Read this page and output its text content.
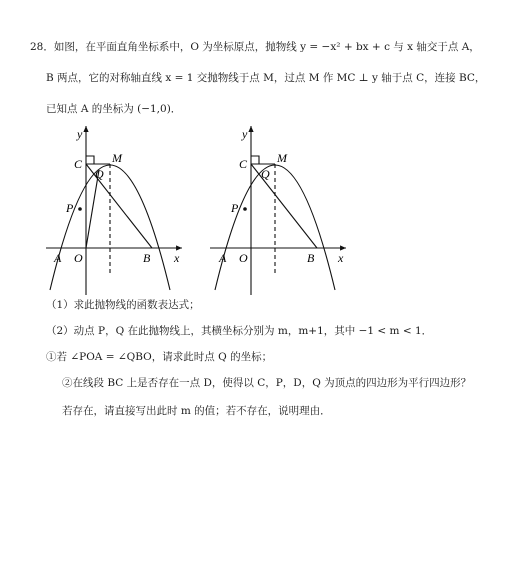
28．如图，在平面直角坐标系中，O 为坐标原点，抛物线 y = −x² + bx + c 与 x 轴交于点 A，
B 两点，它的对称轴直线 x = 1 交抛物线于点 M，过点 M 作 MC ⊥ y 轴于点 C，连接 BC，
已知点 A 的坐标为 (−1,0)．
y
x
C M
Q
P
A O	B
y
x
C M
Q
P
A O	B
（1）求此抛物线的函数表达式；
（2）动点 P，Q 在此抛物线上，其横坐标分别为 m，m+1，其中 −1 < m < 1．
①若 ∠POA = ∠QBO，请求此时点 Q 的坐标；
②在线段 BC 上是否存在一点 D，使得以 C，P，D，Q 为顶点的四边形为平行四边形？
若存在，请直接写出此时 m 的值；若不存在，说明理由．
